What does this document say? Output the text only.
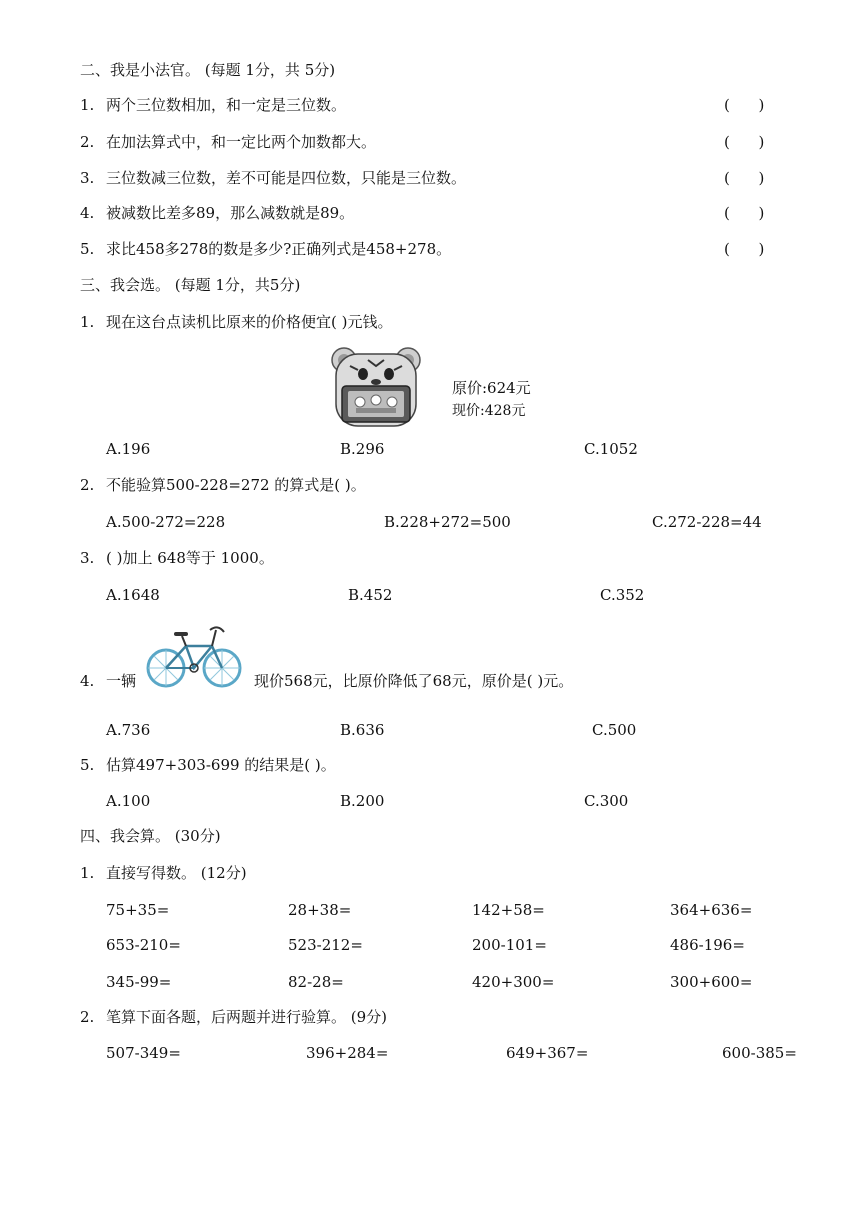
二、我是小法官。 (每题 1分，共 5分)
1. 两个三位数相加，和一定是三位数。	(      )
2. 在加法算式中，和一定比两个加数都大。	(      )
3. 三位数减三位数，差不可能是四位数，只能是三位数。	(      )
4. 被减数比差多89，那么减数就是89。	(      )
5. 求比458多278的数是多少?正确列式是458+278。	(      )
三、我会选。 (每题 1分，共5分)
1. 现在这台点读机比原来的价格便宜( )元钱。
原价:624元
现价:428元
A.196	B.296	C.1052
2. 不能验算500-228=272 的算式是( )。
A.500-272=228	B.228+272=500	C.272-228=44
3. ( )加上 648等于 1000。
A.1648	B.452	C.352
4. 一辆	现价568元，比原价降低了68元，原价是( )元。
A.736	B.636	C.500
5. 估算497+303-699 的结果是( )。
A.100	B.200	C.300
四、我会算。 (30分)
1. 直接写得数。 (12分)
75+35=	28+38=	142+58=	364+636=
653-210=	523-212=	200-101=	486-196=
345-99=	82-28=	420+300=	300+600=
2. 笔算下面各题，后两题并进行验算。 (9分)
507-349=	396+284=	649+367=	600-385=
